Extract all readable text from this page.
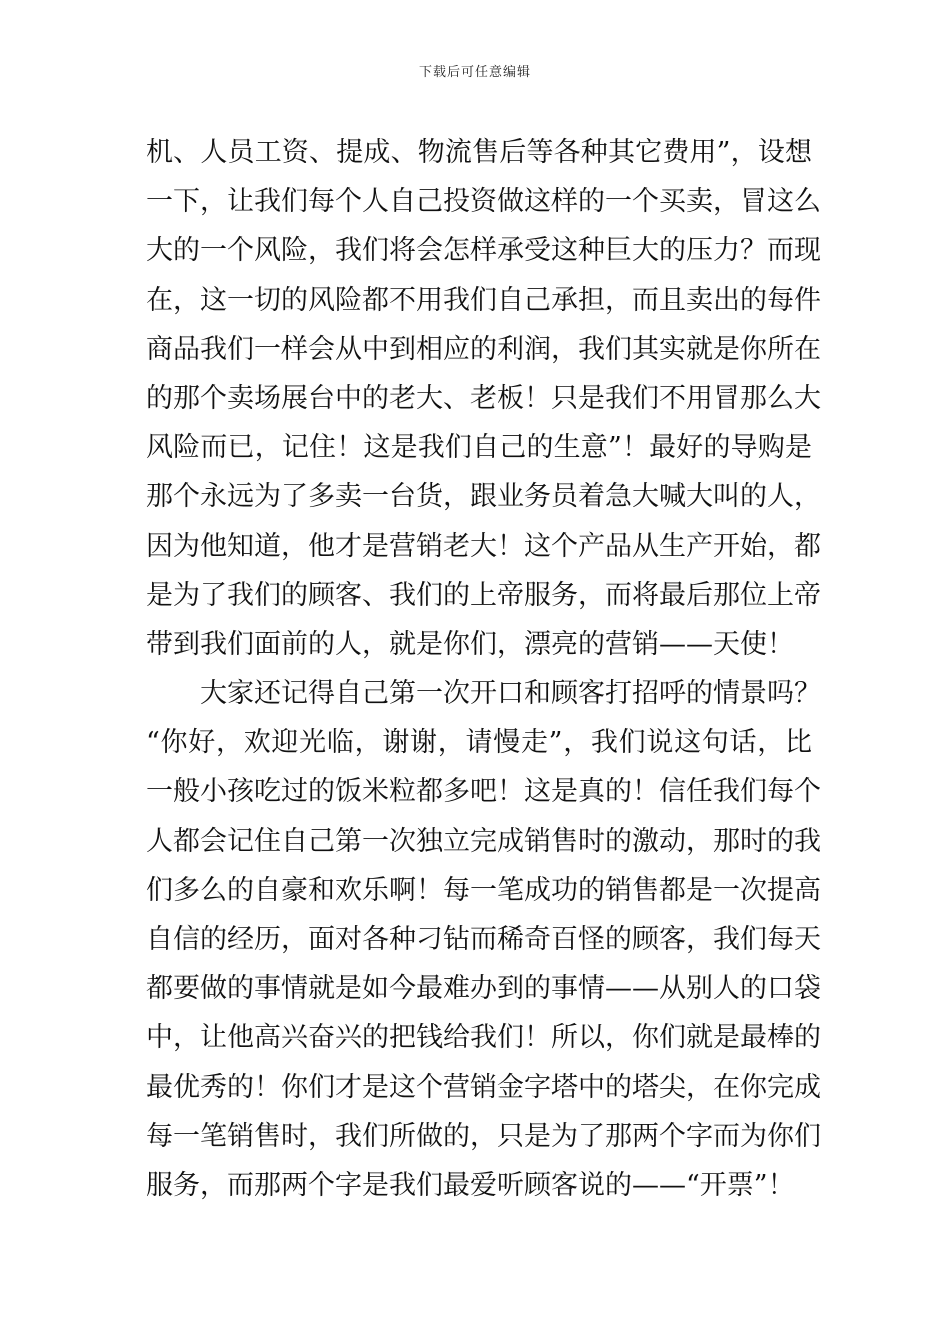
下载后可任意编辑
机、人员工资、提成、物流售后等各种其它费用”，设想
一下，让我们每个人自己投资做这样的一个买卖，冒这么
大的一个风险，我们将会怎样承受这种巨大的压力？而现
在，这一切的风险都不用我们自己承担，而且卖出的每件
商品我们一样会从中到相应的利润，我们其实就是你所在
的那个卖场展台中的老大、老板！只是我们不用冒那么大
风险而已，记住！这是我们自己的生意”！最好的导购是
那个永远为了多卖一台货，跟业务员着急大喊大叫的人，
因为他知道，他才是营销老大！这个产品从生产开始，都
是为了我们的顾客、我们的上帝服务，而将最后那位上帝
带到我们面前的人，就是你们，漂亮的营销——天使！
大家还记得自己第一次开口和顾客打招呼的情景吗？
“你好，欢迎光临，谢谢，请慢走”，我们说这句话，比
一般小孩吃过的饭米粒都多吧！这是真的！信任我们每个
人都会记住自己第一次独立完成销售时的激动，那时的我
们多么的自豪和欢乐啊！每一笔成功的销售都是一次提高
自信的经历，面对各种刁钻而稀奇百怪的顾客，我们每天
都要做的事情就是如今最难办到的事情——从别人的口袋
中，让他高兴奋兴的把钱给我们！所以，你们就是最棒的
最优秀的！你们才是这个营销金字塔中的塔尖，在你完成
每一笔销售时，我们所做的，只是为了那两个字而为你们
服务，而那两个字是我们最爱听顾客说的——“开票”！
